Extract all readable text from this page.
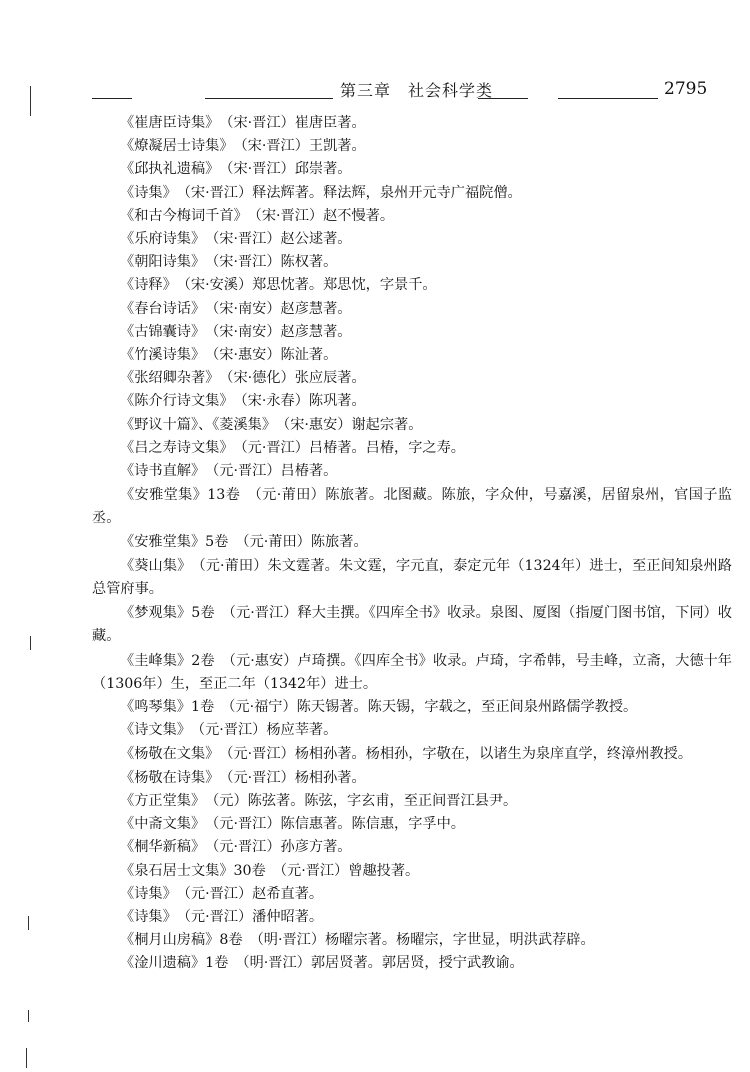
第三章　社会科学类	2795

《崔唐臣诗集》　（宋·晋江）崔唐臣著。

《燎凝居士诗集》　（宋·晋江）王凯著。

《邱执礼遗稿》　（宋·晋江）邱崇著。

《诗集》　（宋·晋江）释法辉著。释法辉，泉州开元寺广福院僧。

《和古今梅词千首》　（宋·晋江）赵不慢著。

《乐府诗集》　（宋·晋江）赵公逑著。

《朝阳诗集》　（宋·晋江）陈权著。

《诗释》　（宋·安溪）郑思忱著。郑思忱，字景千。

《春台诗话》　（宋·南安）赵彦慧著。

《古锦囊诗》　（宋·南安）赵彦慧著。

《竹溪诗集》　（宋·惠安）陈沚著。

《张绍卿杂著》　（宋·德化）张应辰著。

《陈介行诗文集》　（宋·永春）陈巩著。

《野议十篇》、《菱溪集》　（宋·惠安）谢起宗著。

《吕之寿诗文集》　（元·晋江）吕椿著。吕椿，字之寿。

《诗书直解》　（元·晋江）吕椿著。

《安雅堂集》13卷　（元·莆田）陈旅著。北图藏。陈旅，字众仲，号嘉溪，居留泉州，官国子监丞。

《安雅堂集》5卷　（元·莆田）陈旅著。

《葵山集》　（元·莆田）朱文霆著。朱文霆，字元直，泰定元年（1324年）进士，至正间知泉州路总管府事。

《梦观集》5卷　（元·晋江）释大圭撰。《四库全书》收录。泉图、厦图（指厦门图书馆，下同）收藏。

《圭峰集》2卷　（元·惠安）卢琦撰。《四库全书》收录。卢琦，字希韩，号圭峰，立斋，大德十年（1306年）生，至正二年（1342年）进士。

《鸣琴集》1卷　（元·福宁）陈天锡著。陈天锡，字载之，至正间泉州路儒学教授。

《诗文集》　（元·晋江）杨应莘著。

《杨敬在文集》　（元·晋江）杨相孙著。杨相孙，字敬在，以诸生为泉庠直学，终漳州教授。

《杨敬在诗集》　（元·晋江）杨相孙著。

《方正堂集》　（元）陈弦著。陈弦，字玄甫，至正间晋江县尹。

《中斋文集》　（元·晋江）陈信惠著。陈信惠，字孚中。

《桐华新稿》　（元·晋江）孙彦方著。

《泉石居士文集》30卷　（元·晋江）曾趣投著。

《诗集》　（元·晋江）赵希直著。

《诗集》　（元·晋江）潘仲昭著。

《桐月山房稿》8卷　（明·晋江）杨曜宗著。杨曜宗，字世显，明洪武荐辟。

《淦川遗稿》1卷　（明·晋江）郭居贤著。郭居贤，授宁武教谕。
